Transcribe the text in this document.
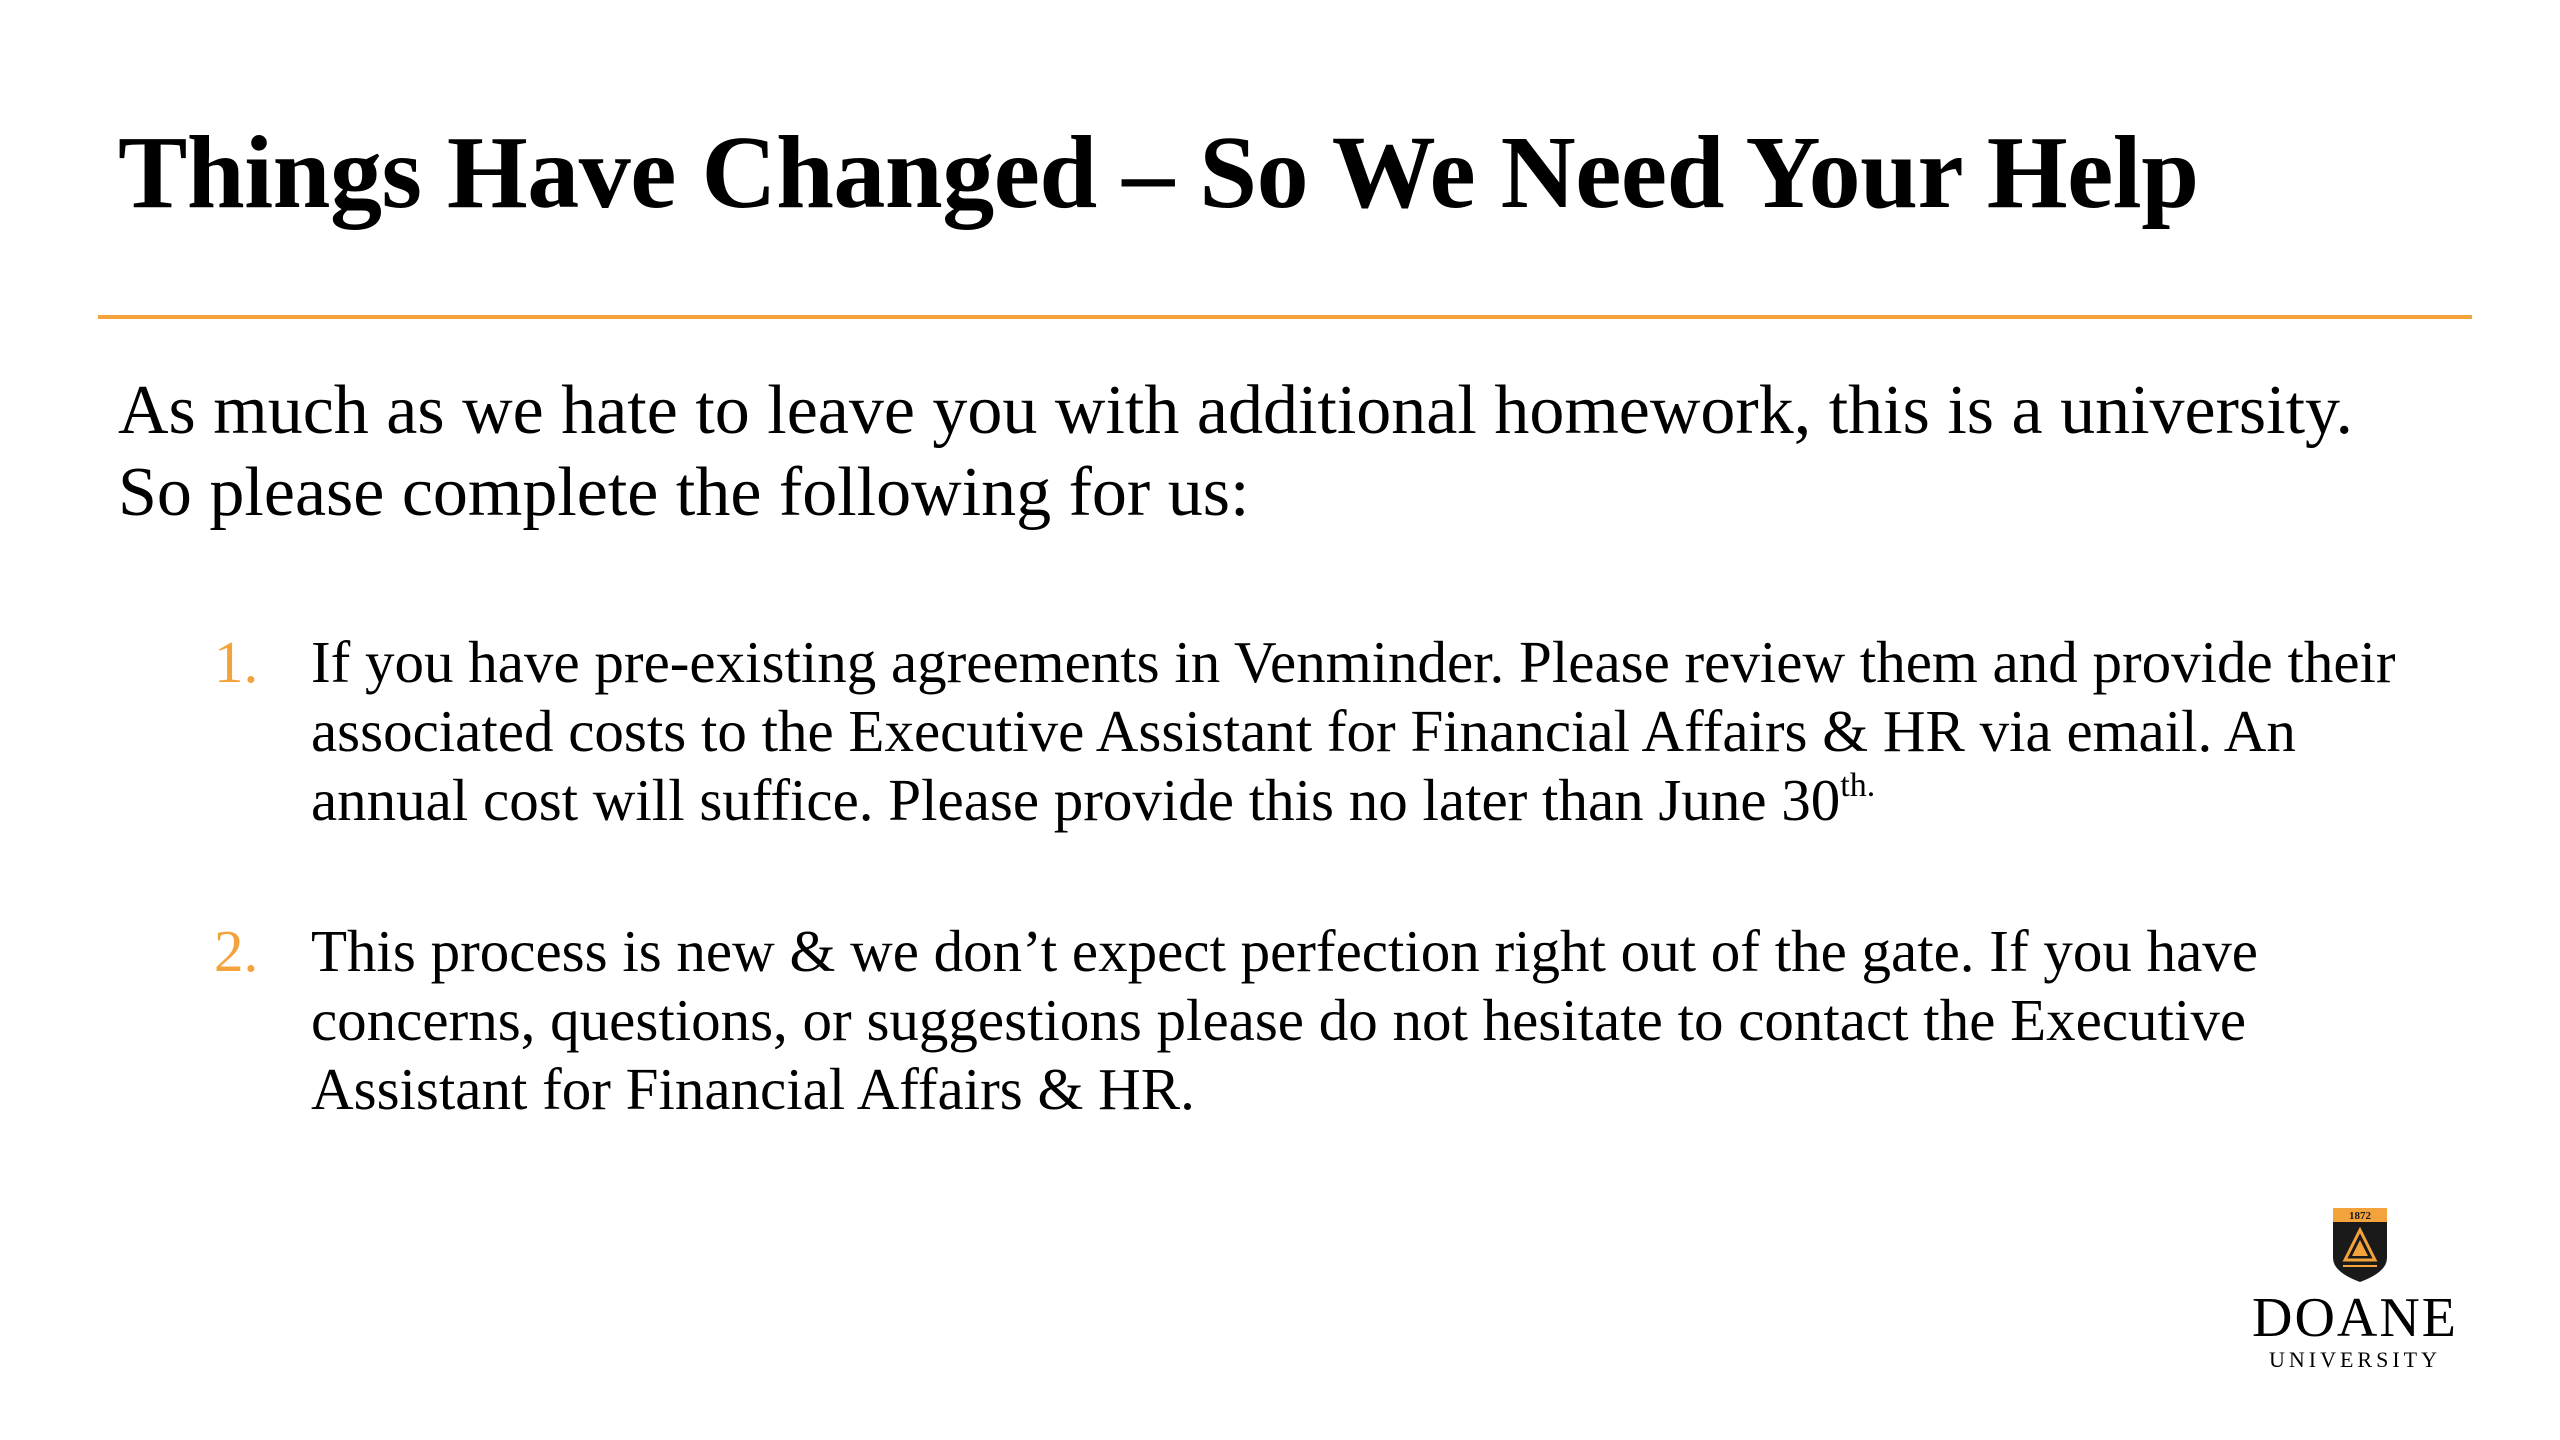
Things Have Changed – So We Need Your Help

As much as we hate to leave you with additional homework, this is a university. So please complete the following for us:

1. If you have pre-existing agreements in Venminder. Please review them and provide their associated costs to the Executive Assistant for Financial Affairs & HR via email. An annual cost will suffice. Please provide this no later than June $30^{th.}$
2. This process is new & we don’t expect perfection right out of the gate. If you have concerns, questions, or suggestions please do not hesitate to contact the Executive Assistant for Financial Affairs & HR.
1872
DOANE
UNIVERSITY
